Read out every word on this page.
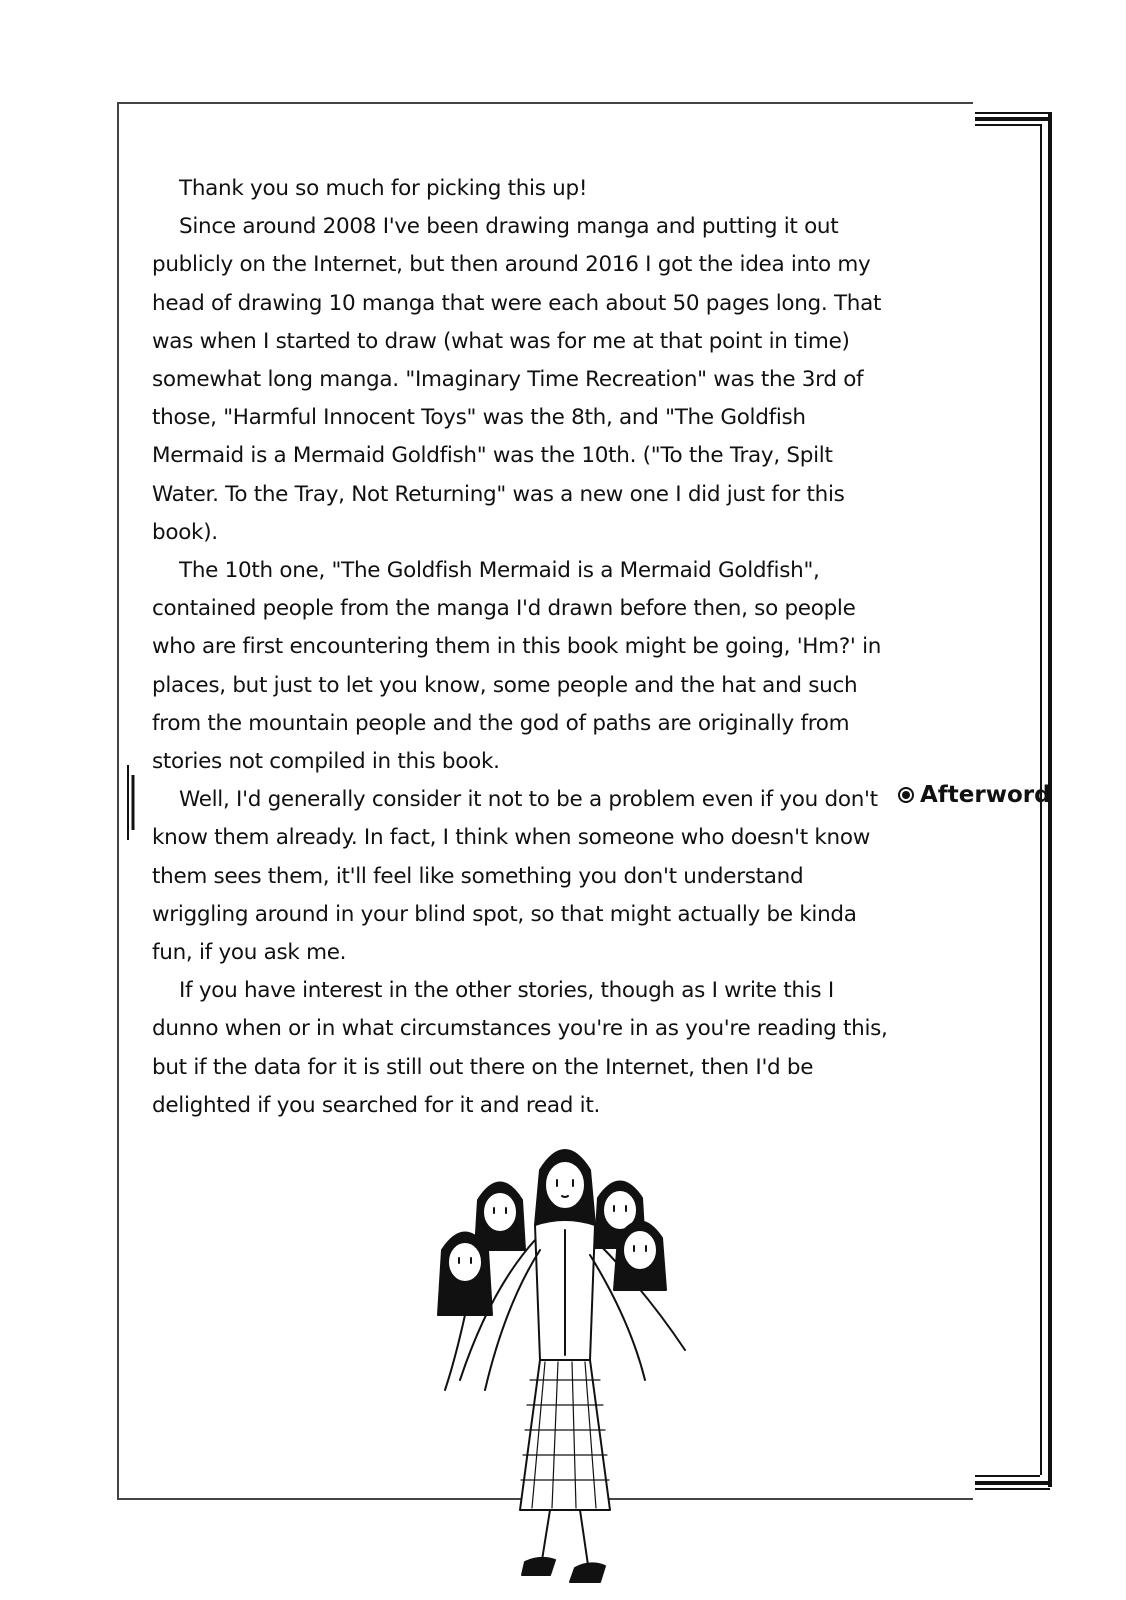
Thank you so much for picking this up!

Since around 2008 I've been drawing manga and putting it out publicly on the Internet, but then around 2016 I got the idea into my head of drawing 10 manga that were each about 50 pages long. That was when I started to draw (what was for me at that point in time) somewhat long manga. "Imaginary Time Recreation" was the 3rd of those, "Harmful Innocent Toys" was the 8th, and "The Goldfish Mermaid is a Mermaid Goldfish" was the 10th. ("To the Tray, Spilt Water. To the Tray, Not Returning" was a new one I did just for this book).

The 10th one, "The Goldfish Mermaid is a Mermaid Goldfish", contained people from the manga I'd drawn before then, so people who are first encountering them in this book might be going, 'Hm?' in places, but just to let you know, some people and the hat and such from the mountain people and the god of paths are originally from stories not compiled in this book.

Well, I'd generally consider it not to be a problem even if you don't know them already. In fact, I think when someone who doesn't know them sees them, it'll feel like something you don't understand wriggling around in your blind spot, so that might actually be kinda fun, if you ask me.

If you have interest in the other stories, though as I write this I dunno when or in what circumstances you're in as you're reading this, but if the data for it is still out there on the Internet, then I'd be delighted if you searched for it and read it.

Afterword
